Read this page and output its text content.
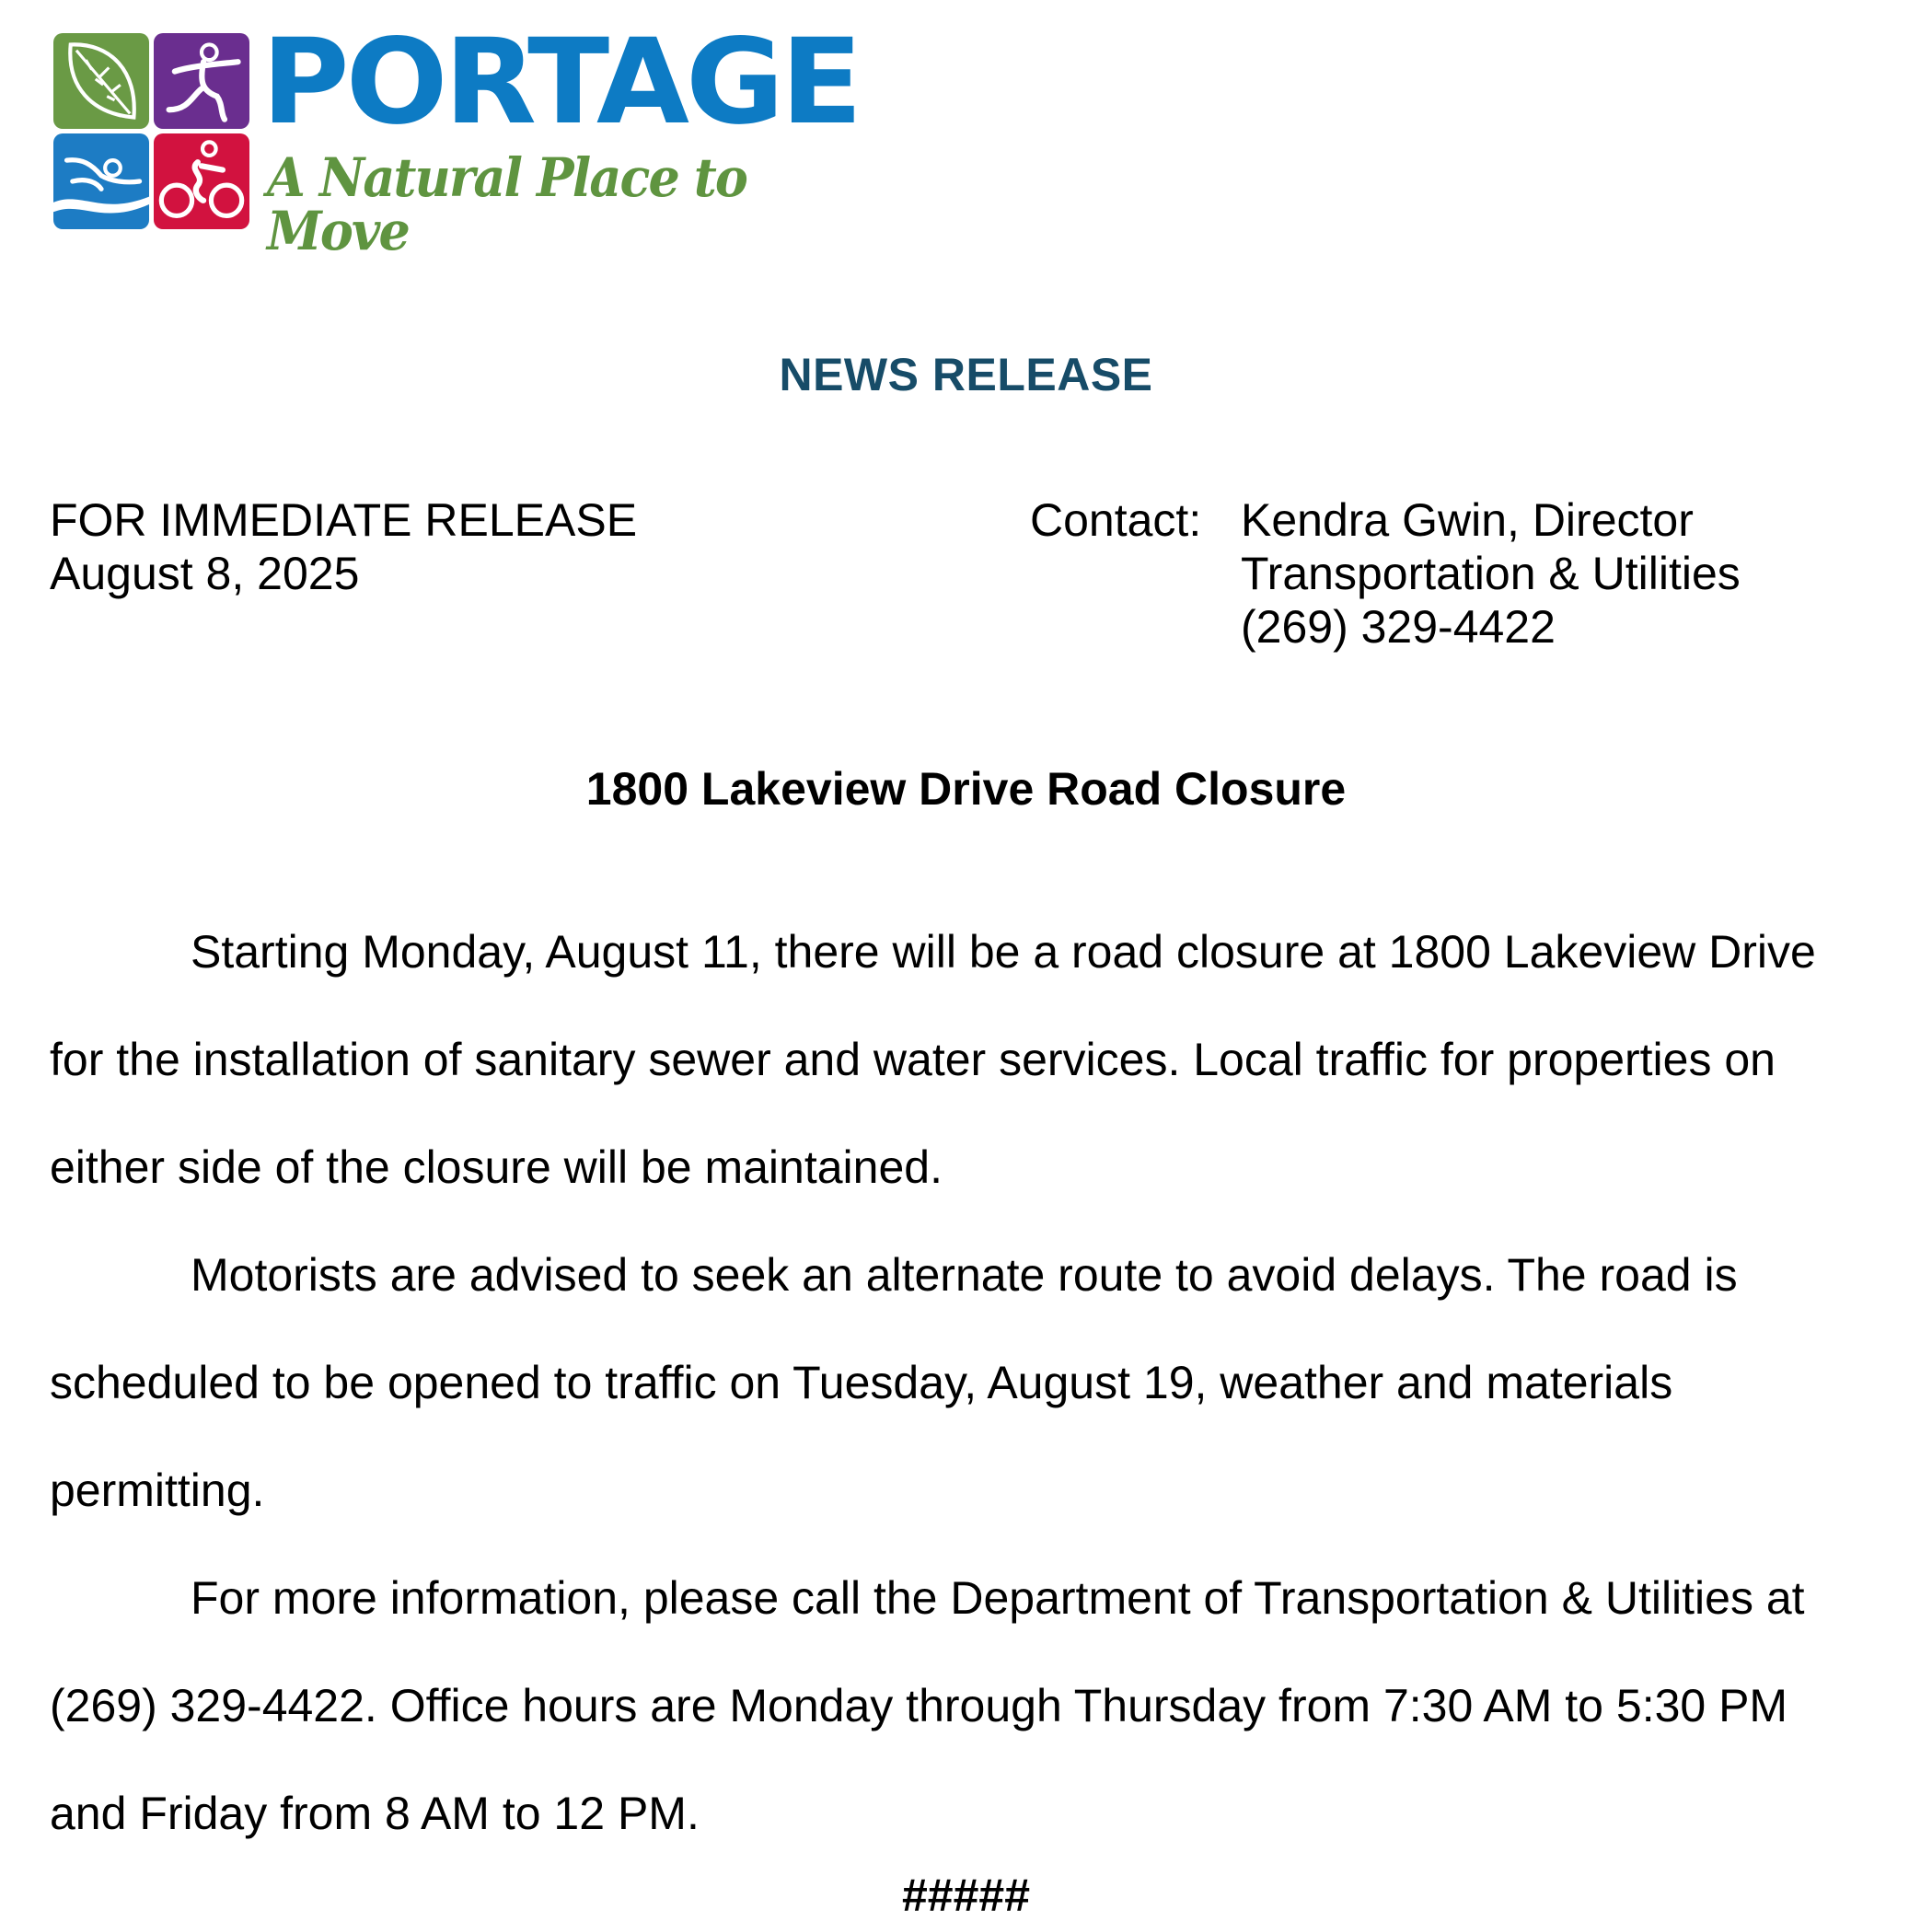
PORTAGE
A Natural Place to Move
NEWS RELEASE
FOR IMMEDIATE RELEASE
August 8, 2025
Contact: Kendra Gwin, Director
Transportation & Utilities
(269) 329-4422
1800 Lakeview Drive Road Closure
Starting Monday, August 11, there will be a road closure at 1800 Lakeview Drive
for the installation of sanitary sewer and water services. Local traffic for properties on
either side of the closure will be maintained.
Motorists are advised to seek an alternate route to avoid delays. The road is
scheduled to be opened to traffic on Tuesday, August 19, weather and materials
permitting.
For more information, please call the Department of Transportation & Utilities at
(269) 329-4422. Office hours are Monday through Thursday from 7:30 AM to 5:30 PM
and Friday from 8 AM to 12 PM.
#####
